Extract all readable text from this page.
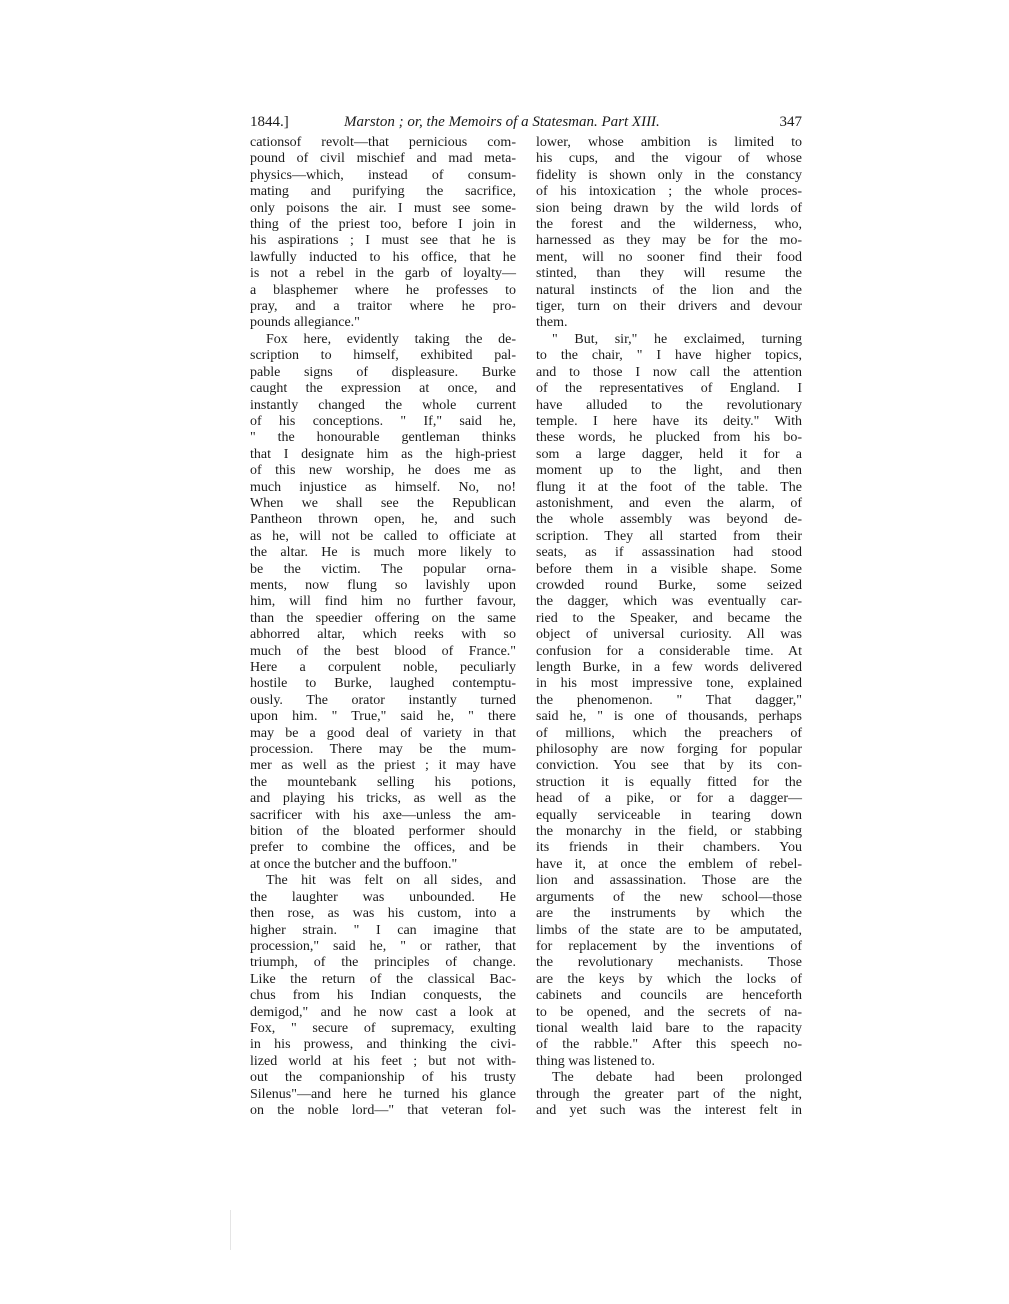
1844.]	Marston ; or, the Memoirs of a Statesman. Part XIII.	347
cationsof revolt—that pernicious com-
pound of civil mischief and mad meta-
physics—which, instead of consum-
mating and purifying the sacrifice,
only poisons the air. I must see some-
thing of the priest too, before I join in
his aspirations ; I must see that he is
lawfully inducted to his office, that he
is not a rebel in the garb of loyalty—
a blasphemer where he professes to
pray, and a traitor where he pro-
pounds allegiance."
Fox here, evidently taking the de-
scription to himself, exhibited pal-
pable signs of displeasure. Burke
caught the expression at once, and
instantly changed the whole current
of his conceptions. " If," said he,
" the honourable gentleman thinks
that I designate him as the high-priest
of this new worship, he does me as
much injustice as himself. No, no!
When we shall see the Republican
Pantheon thrown open, he, and such
as he, will not be called to officiate at
the altar. He is much more likely to
be the victim. The popular orna-
ments, now flung so lavishly upon
him, will find him no further favour,
than the speedier offering on the same
abhorred altar, which reeks with so
much of the best blood of France."
Here a corpulent noble, peculiarly
hostile to Burke, laughed contemptu-
ously. The orator instantly turned
upon him. " True," said he, " there
may be a good deal of variety in that
procession. There may be the mum-
mer as well as the priest ; it may have
the mountebank selling his potions,
and playing his tricks, as well as the
sacrificer with his axe—unless the am-
bition of the bloated performer should
prefer to combine the offices, and be
at once the butcher and the buffoon."
The hit was felt on all sides, and
the laughter was unbounded. He
then rose, as was his custom, into a
higher strain. " I can imagine that
procession," said he, " or rather, that
triumph, of the principles of change.
Like the return of the classical Bac-
chus from his Indian conquests, the
demigod," and he now cast a look at
Fox, " secure of supremacy, exulting
in his prowess, and thinking the civi-
lized world at his feet ; but not with-
out the companionship of his trusty
Silenus"—and here he turned his glance
on the noble lord—" that veteran fol-
lower, whose ambition is limited to
his cups, and the vigour of whose
fidelity is shown only in the constancy
of his intoxication ; the whole proces-
sion being drawn by the wild lords of
the forest and the wilderness, who,
harnessed as they may be for the mo-
ment, will no sooner find their food
stinted, than they will resume the
natural instincts of the lion and the
tiger, turn on their drivers and devour
them.
" But, sir," he exclaimed, turning
to the chair, " I have higher topics,
and to those I now call the attention
of the representatives of England. I
have alluded to the revolutionary
temple. I here have its deity." With
these words, he plucked from his bo-
som a large dagger, held it for a
moment up to the light, and then
flung it at the foot of the table. The
astonishment, and even the alarm, of
the whole assembly was beyond de-
scription. They all started from their
seats, as if assassination had stood
before them in a visible shape. Some
crowded round Burke, some seized
the dagger, which was eventually car-
ried to the Speaker, and became the
object of universal curiosity. All was
confusion for a considerable time. At
length Burke, in a few words delivered
in his most impressive tone, explained
the phenomenon. " That dagger,"
said he, " is one of thousands, perhaps
of millions, which the preachers of
philosophy are now forging for popular
conviction. You see that by its con-
struction it is equally fitted for the
head of a pike, or for a dagger—
equally serviceable in tearing down
the monarchy in the field, or stabbing
its friends in their chambers. You
have it, at once the emblem of rebel-
lion and assassination. Those are the
arguments of the new school—those
are the instruments by which the
limbs of the state are to be amputated,
for replacement by the inventions of
the revolutionary mechanists. Those
are the keys by which the locks of
cabinets and councils are henceforth
to be opened, and the secrets of na-
tional wealth laid bare to the rapacity
of the rabble." After this speech no-
thing was listened to.
The debate had been prolonged
through the greater part of the night,
and yet such was the interest felt in
